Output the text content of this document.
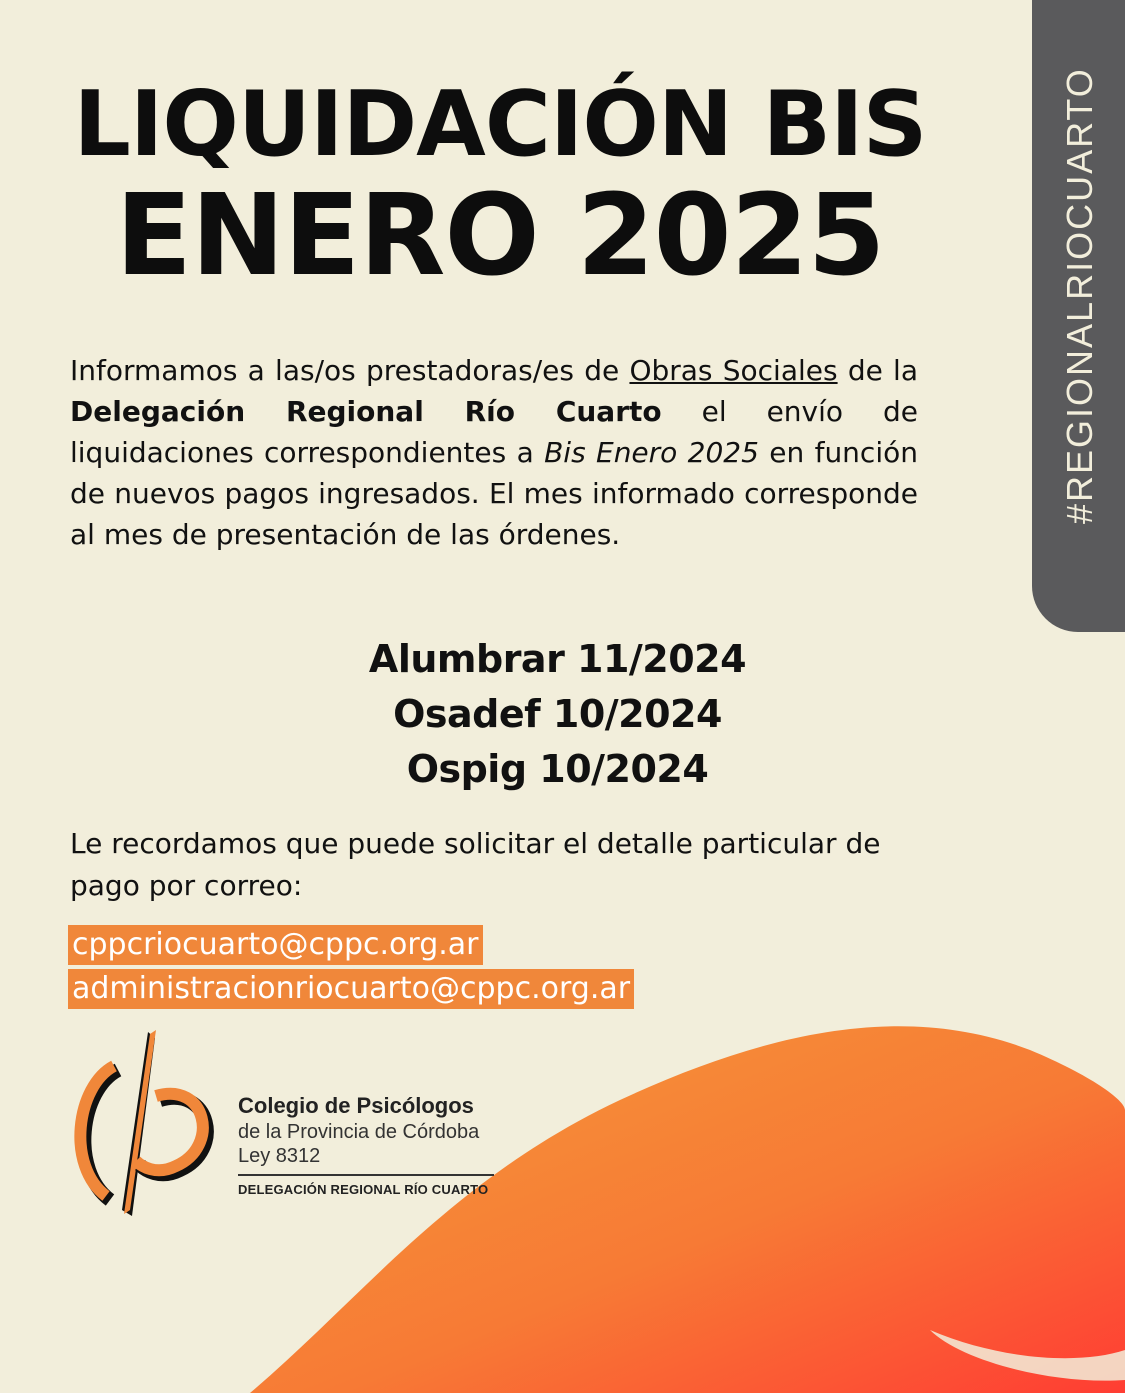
#REGIONALRIOCUARTO
LIQUIDACIÓN BIS
ENERO 2025

Informamos a las/os prestadoras/es de Obras Sociales de la Delegación Regional Río Cuarto el envío de liquidaciones correspondientes a Bis Enero 2025 en función de nuevos pagos ingresados. El mes informado corresponde al mes de presentación de las órdenes.

Alumbrar 11/2024
Osadef 10/2024
Ospig 10/2024

Le recordamos que puede solicitar el detalle particular de pago por correo:

cppcriocuarto@cppc.org.ar
administracionriocuarto@cppc.org.ar
Colegio de Psicólogos
de la Provincia de Córdoba
Ley 8312
DELEGACIÓN REGIONAL RÍO CUARTO
